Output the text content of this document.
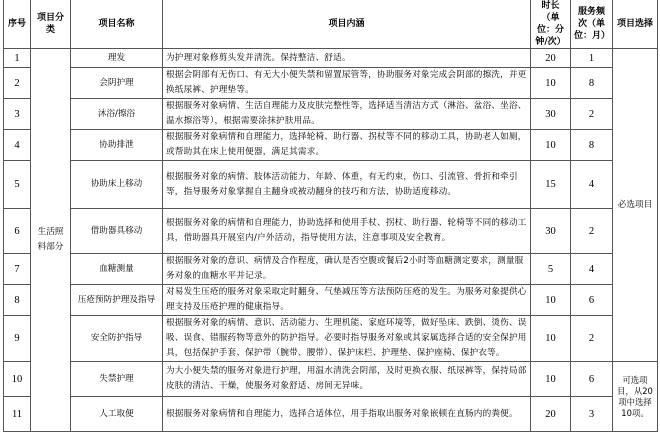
序号	项目分类	项目名称	项目内涵	时长（单位：分钟/次）	服务频次（单位：月）	项目选择
1	生活照料部分	理发	为护理对象修剪头发并清洗。保持整洁、舒适。	20	1	必选项目
2		会阴护理	根据会阴部有无伤口、有无大小便失禁和留置尿管等，协助服务对象完成会阴部的擦洗，并更换纸尿裤、护理垫等。	10	8	
3		沐浴/擦浴	根据服务对象病情、生活自理能力及皮肤完整性等，选择适当清洁方式（淋浴、盆浴、坐浴、温水擦浴等），根据需要涂抹护肤用品。	30	2	
4		协助排泄	根据服务对象病情和自理能力，选择轮椅、助行器、拐杖等不同的移动工具，协助老人如厕，或帮助其在床上使用便器，满足其需求。	10	8	
5		协助床上移动	根据服务对象的病情、肢体活动能力、年龄、体重，有无约束，伤口、引流管、骨折和牵引等，指导服务对象掌握自主翻身或被动翻身的技巧和方法，协助适度移动。	15	4	
6		借助器具移动	根据服务对象的病情和自理能力，协助选择和使用手杖、拐杖、助行器、轮椅等不同的移动工具，借助器具开展室内/户外活动，指导使用方法，注意事项及安全教育。	30	2	
7		血糖测量	根据服务对象的意识、病情及合作程度，确认是否空腹或餐后2小时等血糖测定要求，测量服务对象的血糖水平并记录。	5	4	
8		压疮预防护理及指导	对易发生压疮的服务对象采取定时翻身、气垫减压等方法预防压疮的发生。为服务对象提供心理支持及压疮护理的健康指导。	10	6	
9		安全防护指导	根据服务对象的病情、意识、活动能力、生理机能、家庭环境等，做好坠床、跌倒、烫伤、误吸、误食、错服药物等意外的防护指导。必要时指导服务对象或其家属选择合适的安全保护用具，包括保护手套、保护带（腕带、腰带）、保护床栏、护理垫、保护座椅、保护衣等。	10	2	
10		失禁护理	为大小便失禁的服务对象进行护理，用温水清洗会阴部，及时更换衣服、纸尿裤等，保持局部皮肤的清洁、干燥，使服务对象舒适、房间无异味。	10	6	可选项目，从20项中选择10项。
11		人工取便	根据服务对象病情和自理能力，选择合适体位，用手指取出服务对象嵌顿在直肠内的粪便。	20	3	
